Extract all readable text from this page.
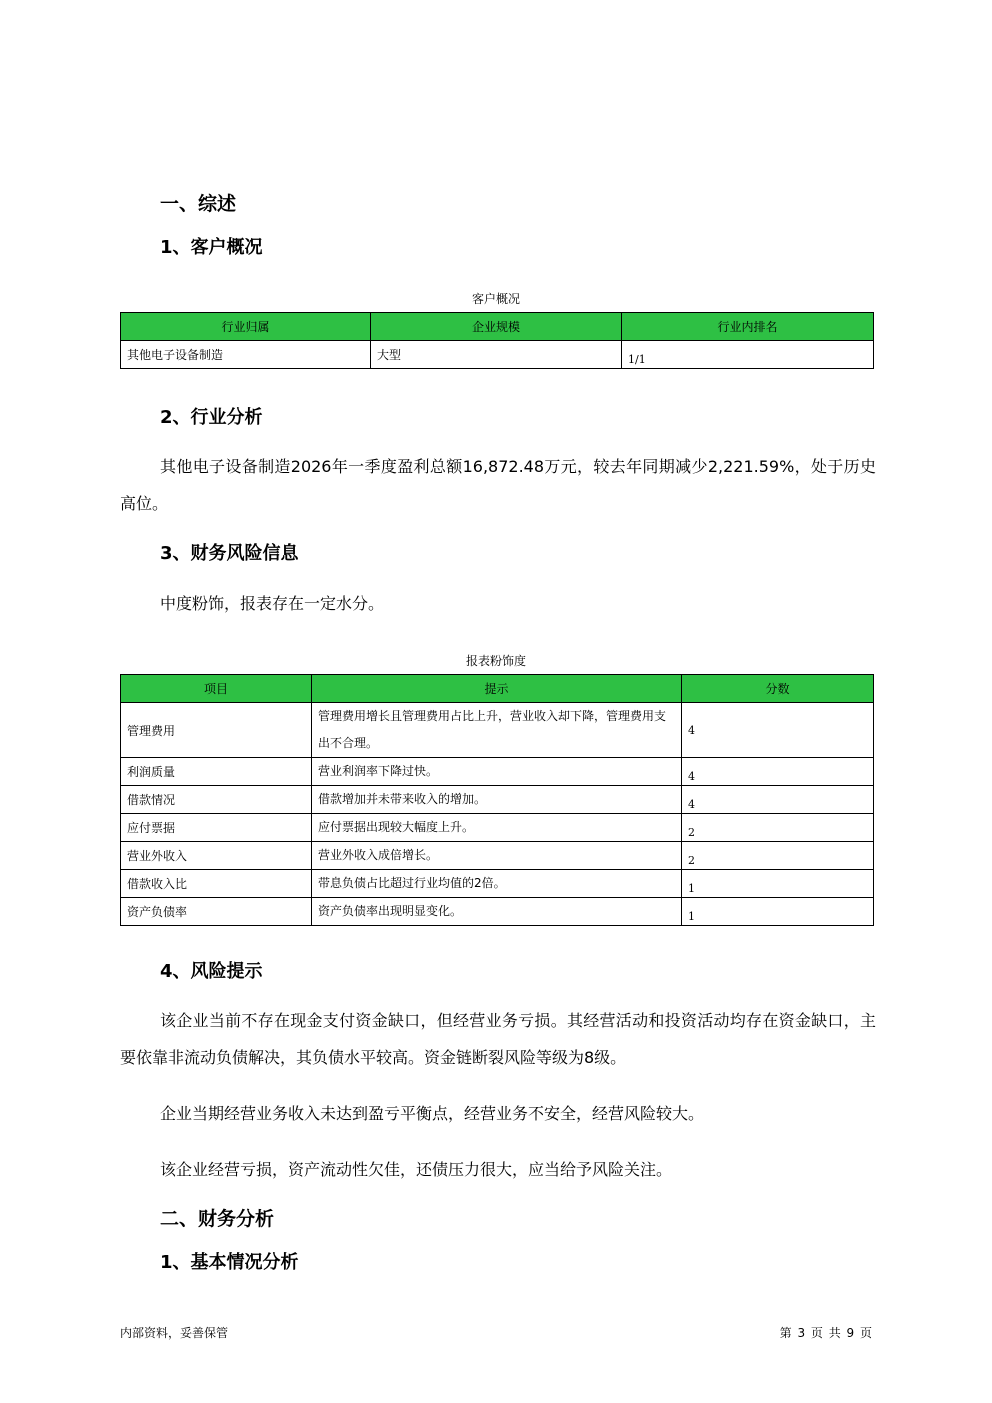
一、综述
1、客户概况

客户概况

行业归属	企业规模	行业内排名
其他电子设备制造	大型	1/1
2、行业分析

其他电子设备制造2026年一季度盈利总额16,872.48万元，较去年同期减少2,221.59%，处于历史高位。

3、财务风险信息

中度粉饰，报表存在一定水分。

报表粉饰度

项目	提示	分数
管理费用	管理费用增长且管理费用占比上升，营业收入却下降，管理费用支出不合理。	4
利润质量	营业利润率下降过快。	4
借款情况	借款增加并未带来收入的增加。	4
应付票据	应付票据出现较大幅度上升。	2
营业外收入	营业外收入成倍增长。	2
借款收入比	带息负债占比超过行业均值的2倍。	1
资产负债率	资产负债率出现明显变化。	1
4、风险提示

该企业当前不存在现金支付资金缺口，但经营业务亏损。其经营活动和投资活动均存在资金缺口，主要依靠非流动负债解决，其负债水平较高。资金链断裂风险等级为8级。

企业当期经营业务收入未达到盈亏平衡点，经营业务不安全，经营风险较大。

该企业经营亏损，资产流动性欠佳，还债压力很大，应当给予风险关注。

二、财务分析
1、基本情况分析
内部资料，妥善保管	第 3 页 共 9 页
